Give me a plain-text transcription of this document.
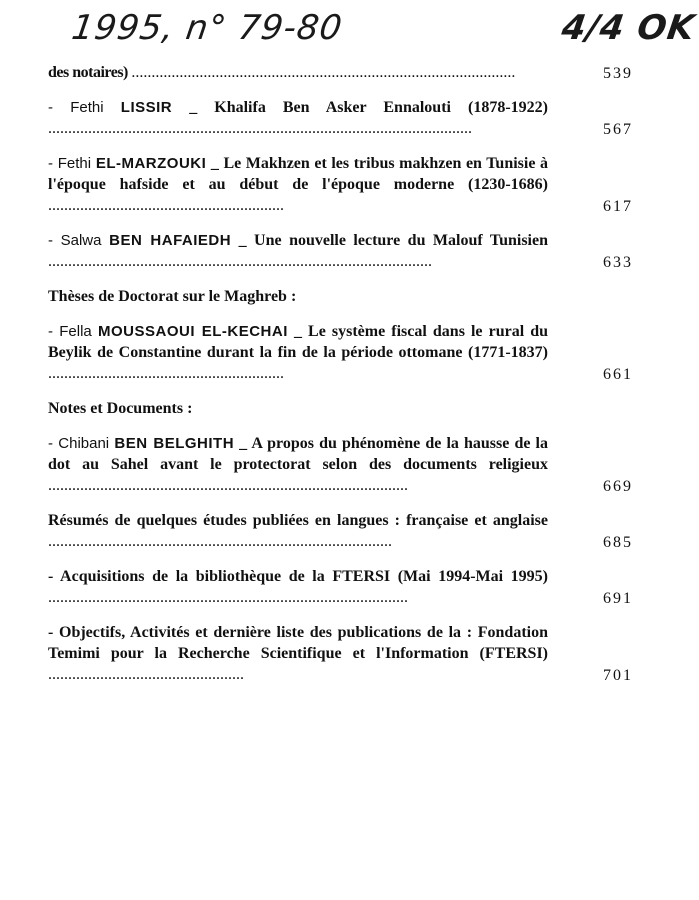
1995, n° 79-80	4/4 OK
des notaires) ................................................................................................	539
- Fethi LISSIR _ Khalifa Ben Asker Ennalouti (1878-1922) ..........................................................................................................	567
- Fethi EL-MARZOUKI _ Le Makhzen et les tribus makhzen en Tunisie à l'époque hafside et au début de l'époque moderne (1230-1686) ...........................................................	617
- Salwa BEN HAFAIEDH _ Une nouvelle lecture du Malouf Tunisien ................................................................................................	633
Thèses de Doctorat sur le Maghreb :
- Fella MOUSSAOUI EL-KECHAI _ Le système fiscal dans le rural du Beylik de Constantine durant la fin de la période ottomane (1771-1837) ...........................................................	661
Notes et Documents :
- Chibani BEN BELGHITH _ A propos du phénomène de la hausse de la dot au Sahel avant le protectorat selon des documents religieux ..........................................................................................	669
Résumés de quelques études publiées en langues : française et anglaise ......................................................................................	685
- Acquisitions de la bibliothèque de la FTERSI (Mai 1994-Mai 1995) ..........................................................................................	691
- Objectifs, Activités et dernière liste des publications de la : Fondation Temimi pour la Recherche Scientifique et l'Information (FTERSI) .................................................	701
